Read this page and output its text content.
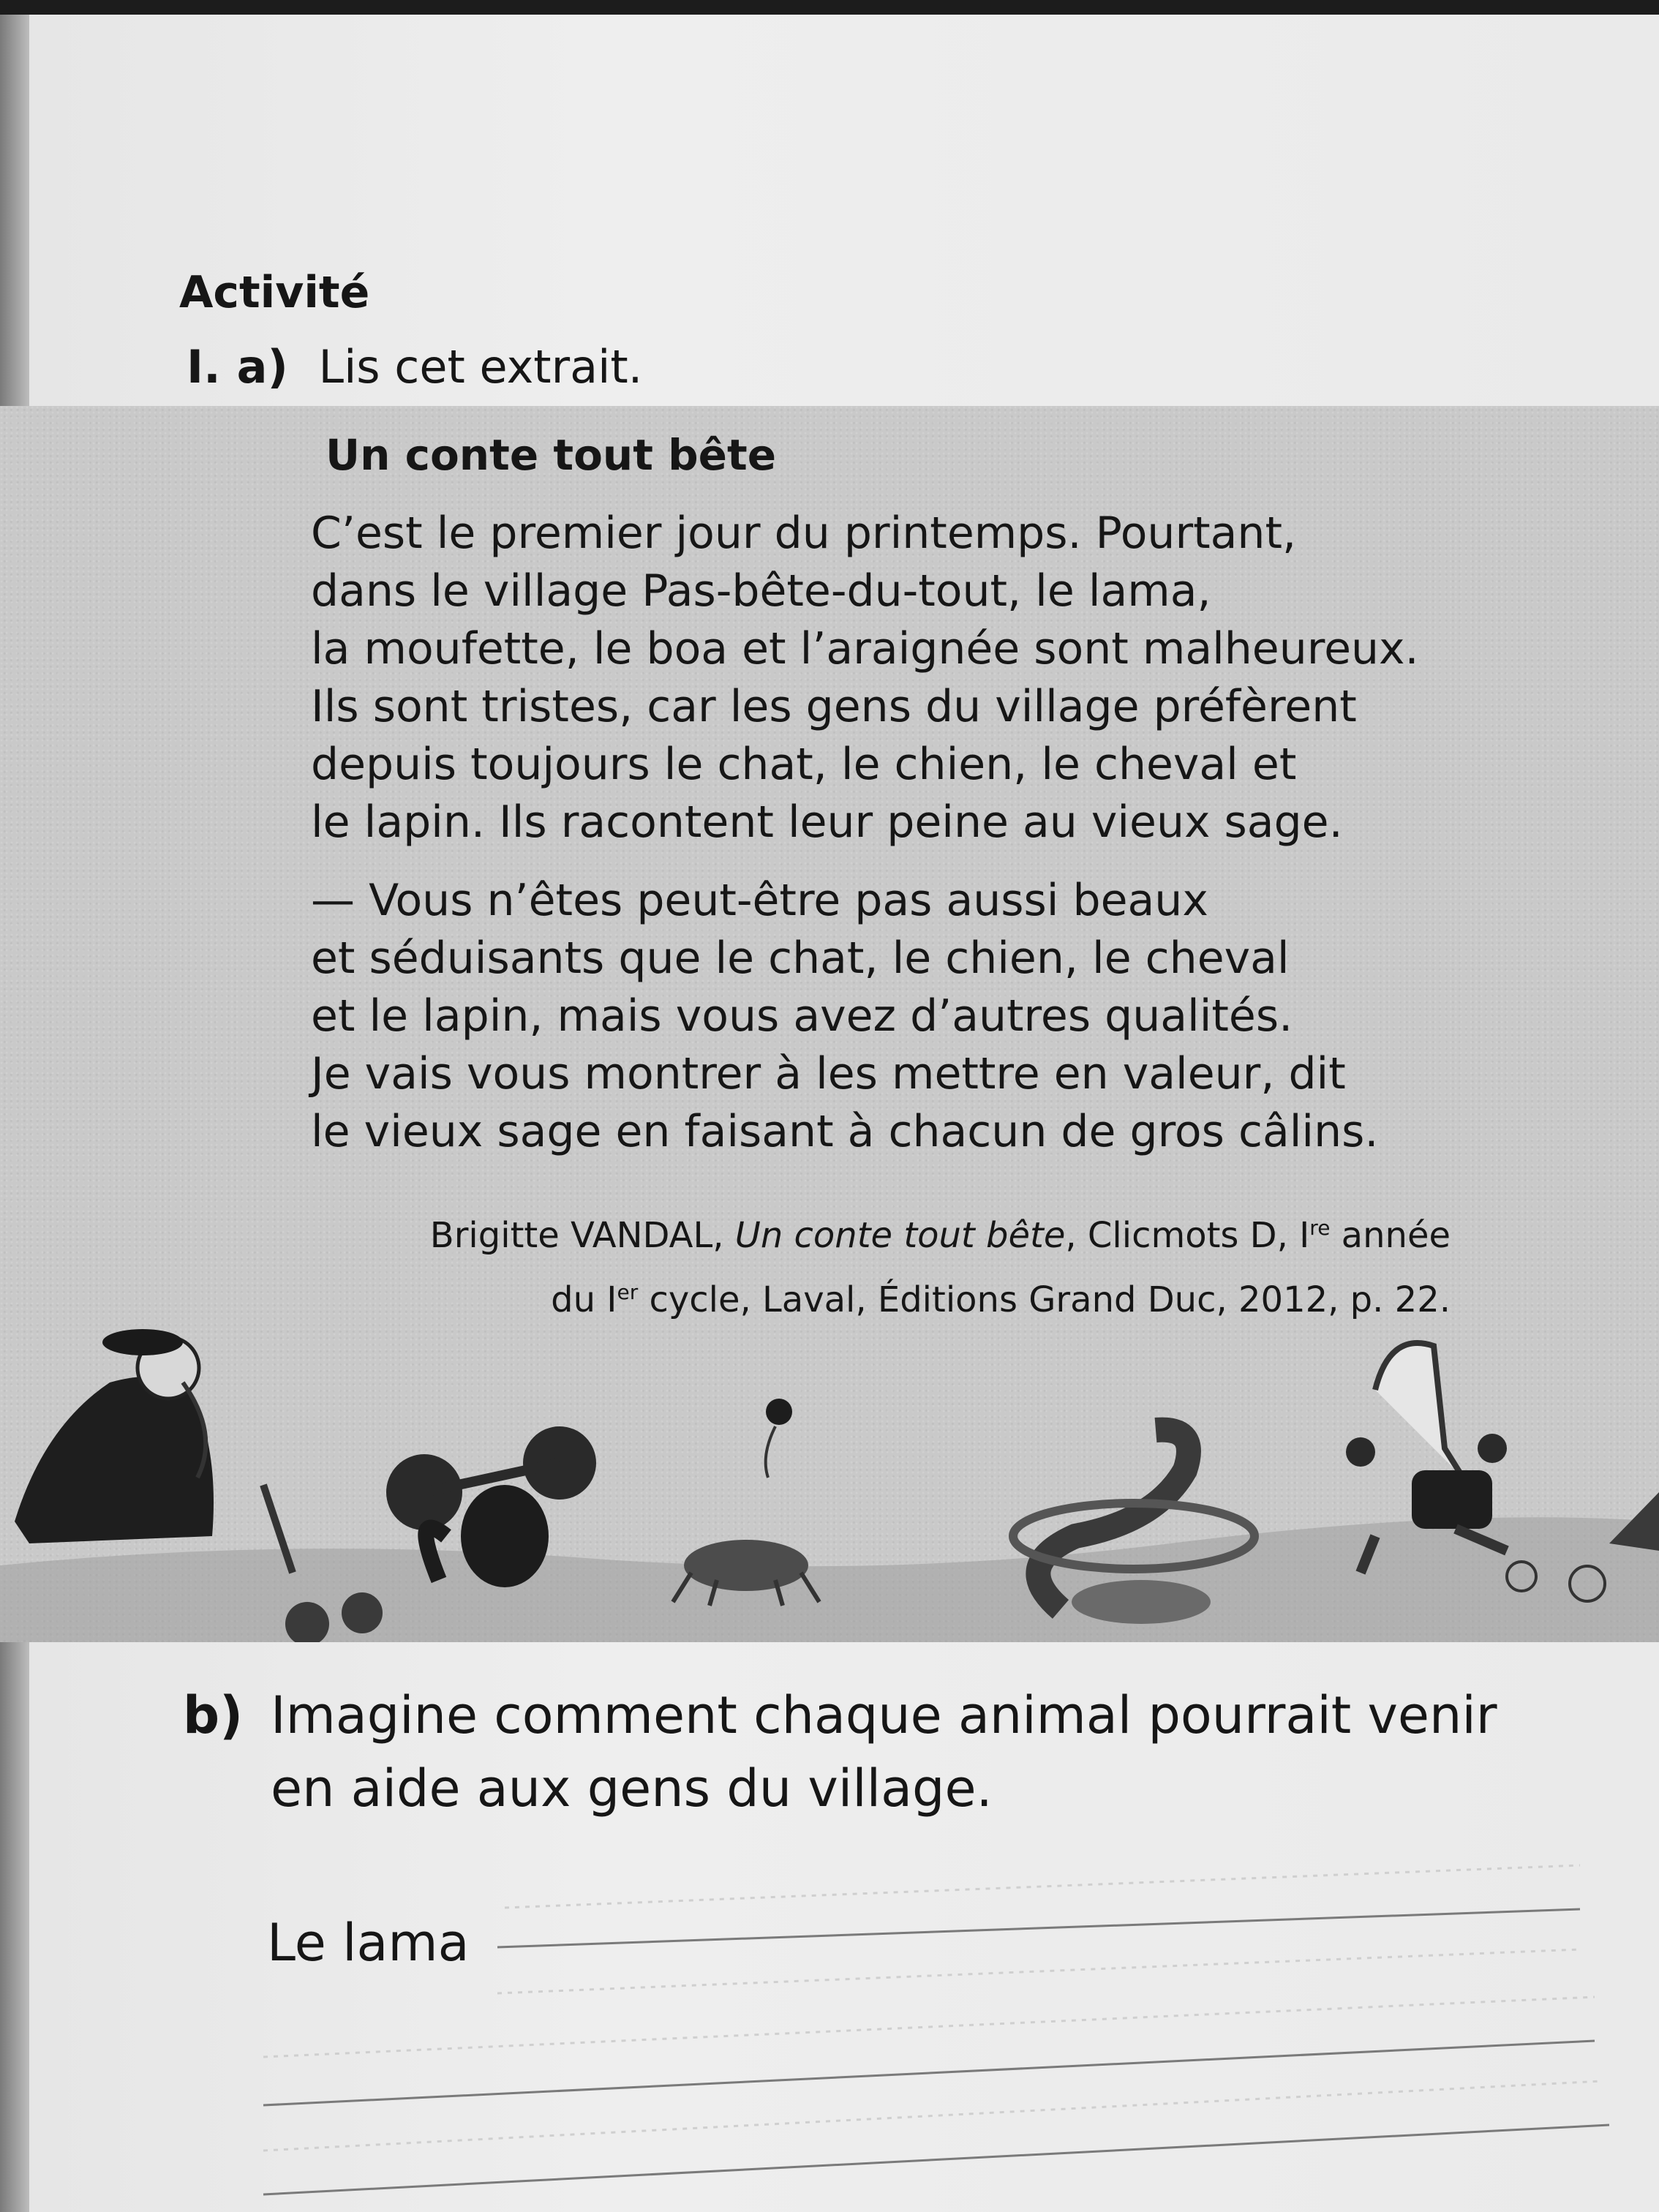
Activité
I. a) Lis cet extrait.
Un conte tout bête
C’est le premier jour du printemps. Pourtant,
dans le village Pas-bête-du-tout, le lama,
la moufette, le boa et l’araignée sont malheureux.
Ils sont tristes, car les gens du village préfèrent
depuis toujours le chat, le chien, le cheval et
le lapin. Ils racontent leur peine au vieux sage.
— Vous n’êtes peut-être pas aussi beaux
et séduisants que le chat, le chien, le cheval
et le lapin, mais vous avez d’autres qualités.
Je vais vous montrer à les mettre en valeur, dit
le vieux sage en faisant à chacun de gros câlins.
Brigitte VANDAL, Un conte tout bête, Clicmots D, Ire année
du Ier cycle, Laval, Éditions Grand Duc, 2012, p. 22.
b) Imagine comment chaque animal pourrait venir
en aide aux gens du village.
Le lama
